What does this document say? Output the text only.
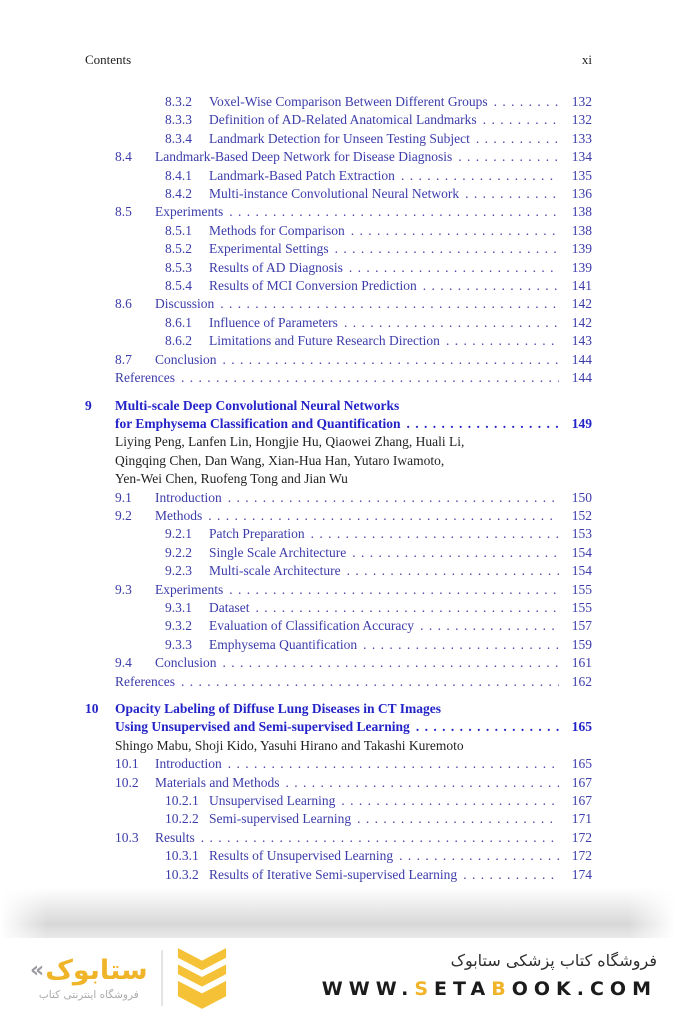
Contents	xi
8.3.2	Voxel-Wise Comparison Between Different Groups . . .	132
8.3.3	Definition of AD-Related Anatomical Landmarks . . .	132
8.3.4	Landmark Detection for Unseen Testing Subject . . .	133
8.4	Landmark-Based Deep Network for Disease Diagnosis . . .	134
8.4.1	Landmark-Based Patch Extraction . . .	135
8.4.2	Multi-instance Convolutional Neural Network . . .	136
8.5	Experiments . . .	138
8.5.1	Methods for Comparison . . .	138
8.5.2	Experimental Settings . . .	139
8.5.3	Results of AD Diagnosis . . .	139
8.5.4	Results of MCI Conversion Prediction . . .	141
8.6	Discussion . . .	142
8.6.1	Influence of Parameters . . .	142
8.6.2	Limitations and Future Research Direction . . .	143
8.7	Conclusion . . .	144
References . . .	144
9	Multi-scale Deep Convolutional Neural Networks
for Emphysema Classification and Quantification . . .	149
Liying Peng, Lanfen Lin, Hongjie Hu, Qiaowei Zhang, Huali Li,
Qingqing Chen, Dan Wang, Xian-Hua Han, Yutaro Iwamoto,
Yen-Wei Chen, Ruofeng Tong and Jian Wu
9.1	Introduction . . .	150
9.2	Methods . . .	152
9.2.1	Patch Preparation . . .	153
9.2.2	Single Scale Architecture . . .	154
9.2.3	Multi-scale Architecture . . .	154
9.3	Experiments . . .	155
9.3.1	Dataset . . .	155
9.3.2	Evaluation of Classification Accuracy . . .	157
9.3.3	Emphysema Quantification . . .	159
9.4	Conclusion . . .	161
References . . .	162
10	Opacity Labeling of Diffuse Lung Diseases in CT Images
Using Unsupervised and Semi-supervised Learning . . .	165
Shingo Mabu, Shoji Kido, Yasuhi Hirano and Takashi Kuremoto
10.1	Introduction . . .	165
10.2	Materials and Methods . . .	167
10.2.1 Unsupervised Learning . . .	167
10.2.2 Semi-supervised Learning . . .	171
10.3	Results . . .	172
10.3.1 Results of Unsupervised Learning . . .	172
10.3.2 Results of Iterative Semi-supervised Learning . . .	174
«ستابوک
فروشگاه اینترنتی کتاب
فروشگاه کتاب پزشکی ستابوک
WWW.SETABOOK.COM
